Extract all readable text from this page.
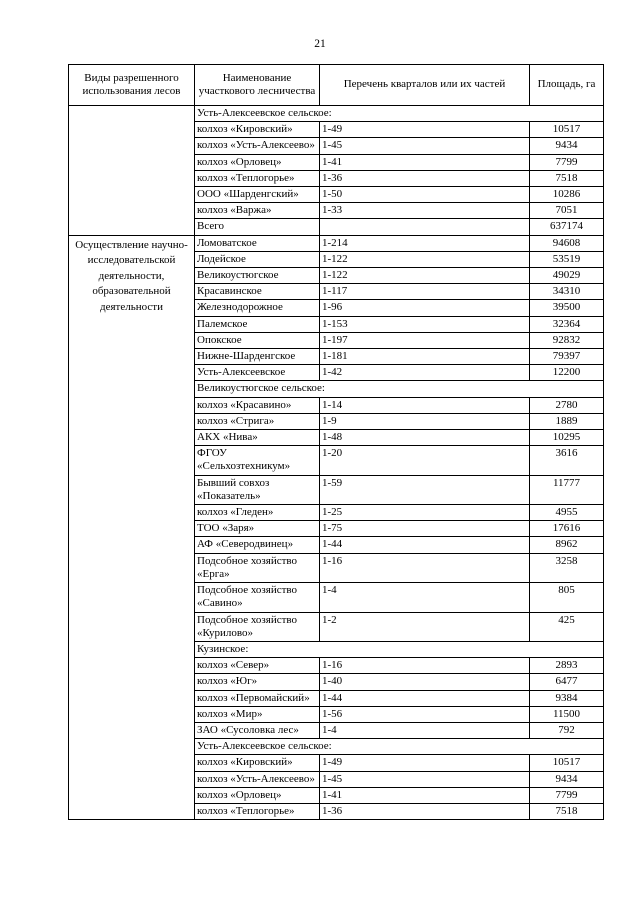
21
Виды разрешенного использования лесов	Наименование участкового лесничества	Перечень кварталов или их частей	Площадь, га
	Усть-Алексеевское сельское:		
	колхоз «Кировский»	1-49	10517
	колхоз «Усть-Алексеево»	1-45	9434
	колхоз «Орловец»	1-41	7799
	колхоз «Теплогорье»	1-36	7518
	ООО «Шарденгский»	1-50	10286
	колхоз «Варжа»	1-33	7051
	Всего		637174
Осуществление научно-исследовательской деятельности, образовательной деятельности	Ломоватское	1-214	94608
	Лодейское	1-122	53519
	Великоустюгское	1-122	49029
	Красавинское	1-117	34310
	Железнодорожное	1-96	39500
	Палемское	1-153	32364
	Опокское	1-197	92832
	Нижне-Шарденгское	1-181	79397
	Усть-Алексеевское	1-42	12200
	Великоустюгское сельское:		
	колхоз «Красавино»	1-14	2780
	колхоз «Стрига»	1-9	1889
	АКХ «Нива»	1-48	10295
	ФГОУ «Сельхозтехникум»	1-20	3616
	Бывший совхоз «Показатель»	1-59	11777
	колхоз «Гледен»	1-25	4955
	ТОО «Заря»	1-75	17616
	АФ «Северодвинец»	1-44	8962
	Подсобное хозяйство «Ерга»	1-16	3258
	Подсобное хозяйство «Савино»	1-4	805
	Подсобное хозяйство «Курилово»	1-2	425
	Кузинское:		
	колхоз «Север»	1-16	2893
	колхоз «Юг»	1-40	6477
	колхоз «Первомайский»	1-44	9384
	колхоз «Мир»	1-56	11500
	ЗАО «Сусоловка лес»	1-4	792
	Усть-Алексеевское сельское:		
	колхоз «Кировский»	1-49	10517
	колхоз «Усть-Алексеево»	1-45	9434
	колхоз «Орловец»	1-41	7799
	колхоз «Теплогорье»	1-36	7518
